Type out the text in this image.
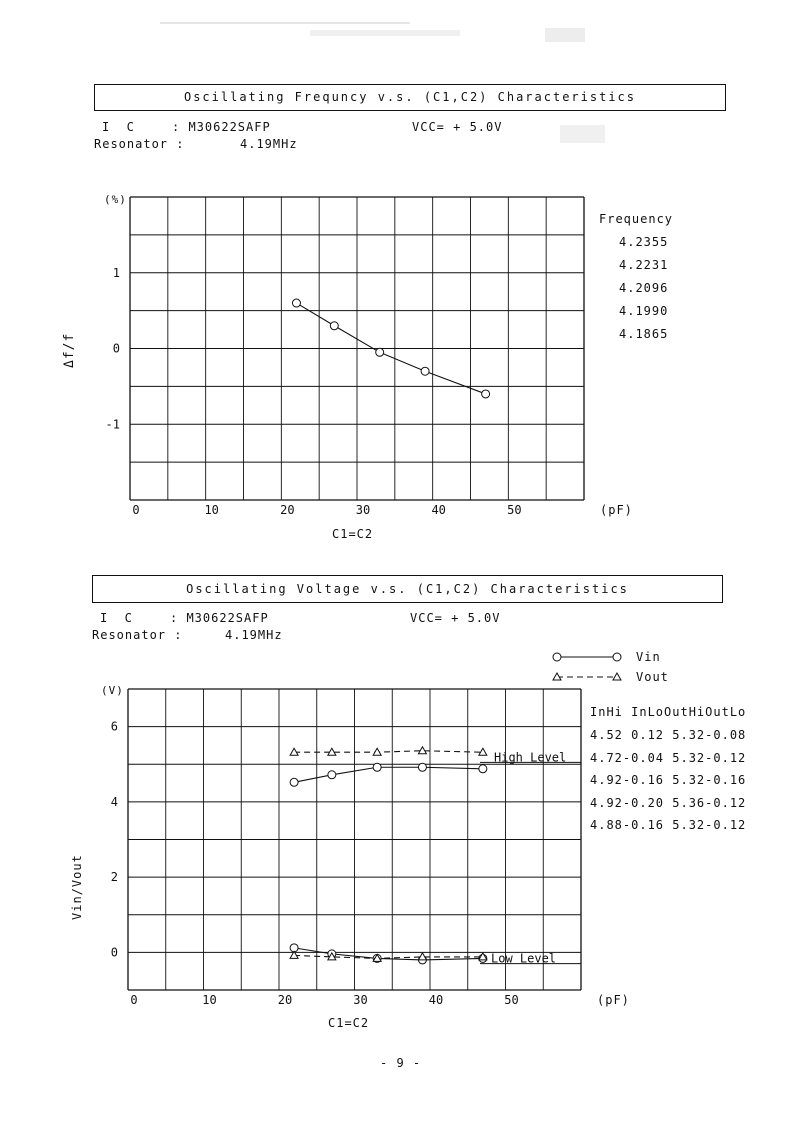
Oscillating Frequncy v.s. (C1,C2) Characteristics
I  C	: M30622SAFP	VCC= + 5.0V
Resonator :	4.19MHz
(%)
Δf/f
(pF)
C1=C2
Frequency
4.2355
4.2231
4.2096
4.1990
4.1865
Oscillating Voltage v.s. (C1,C2) Characteristics
I  C	: M30622SAFP	VCC= + 5.0V
Resonator :	4.19MHz
Vin
Vout
(V)
Vin/Vout
(pF)
C1=C2
InHi InLoOutHiOutLo
4.52 0.12 5.32-0.08
4.72-0.04 5.32-0.12
4.92-0.16 5.32-0.16
4.92-0.20 5.36-0.12
4.88-0.16 5.32-0.12
- 9 -
0	10	20	30	40	50
1
0
-1
0	10	20	30	40	50
6
4
2
0
High Level
Low Level
